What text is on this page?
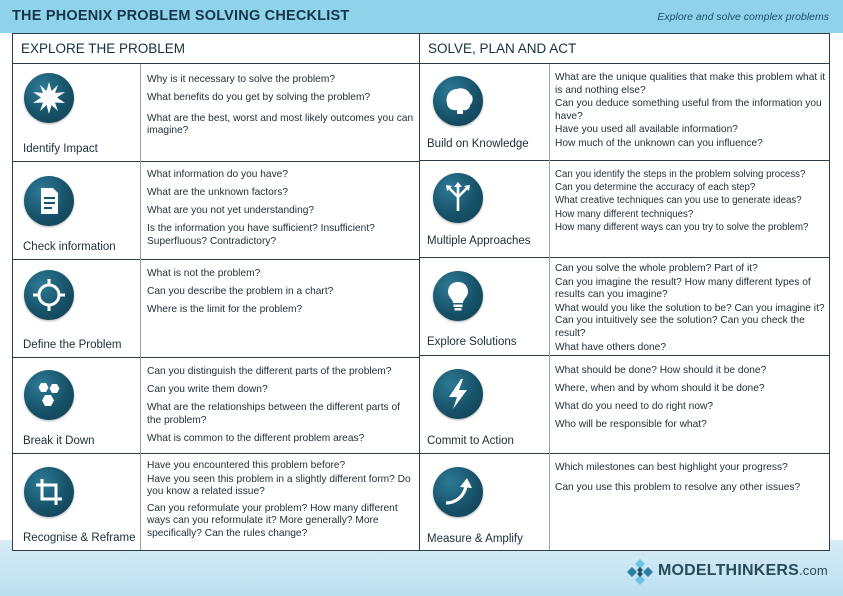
THE PHOENIX PROBLEM SOLVING CHECKLIST	Explore and solve complex problems
EXPLORE THE PROBLEM	SOLVE, PLAN AND ACT
Identify Impact

Why is it necessary to solve the problem?

What benefits do you get by solving the problem?

What are the best, worst and most likely outcomes you can imagine?

Check information

What information do you have?

What are the unknown factors?

What are you not yet understanding?

Is the information you have sufficient? Insufficient? Superfluous? Contradictory?

Define the Problem

What is not the problem?

Can you describe the problem in a chart?

Where is the limit for the problem?

Break it Down

Can you distinguish the different parts of the problem?

Can you write them down?

What are the relationships between the different parts of the problem?

What is common to the different problem areas?

Recognise & Reframe

Have you encountered this problem before?

Have you seen this problem in a slightly different form? Do you know a related issue?

Can you reformulate your problem? How many different ways can you reformulate it? More generally? More specifically? Can the rules change?

Build on Knowledge

What are the unique qualities that make this problem what it is and nothing else?

Can you deduce something useful from the information you have?

Have you used all available information?

How much of the unknown can you influence?

Multiple Approaches

Can you identify the steps in the problem solving process?

Can you determine the accuracy of each step?

What creative techniques can you use to generate ideas?

How many different techniques?

How many different ways can you try to solve the problem?

Explore Solutions

Can you solve the whole problem? Part of it?

Can you imagine the result? How many different types of results can you imagine?

What would you like the solution to be? Can you imagine it? Can you intuitively see the solution? Can you check the result?

What have others done?

Commit to Action

What should be done? How should it be done?

Where, when and by whom should it be done?

What do you need to do right now?

Who will be responsible for what?

Measure & Amplify

Which milestones can best highlight your progress?

Can you use this problem to resolve any other issues?

MODELTHINKERS.com
